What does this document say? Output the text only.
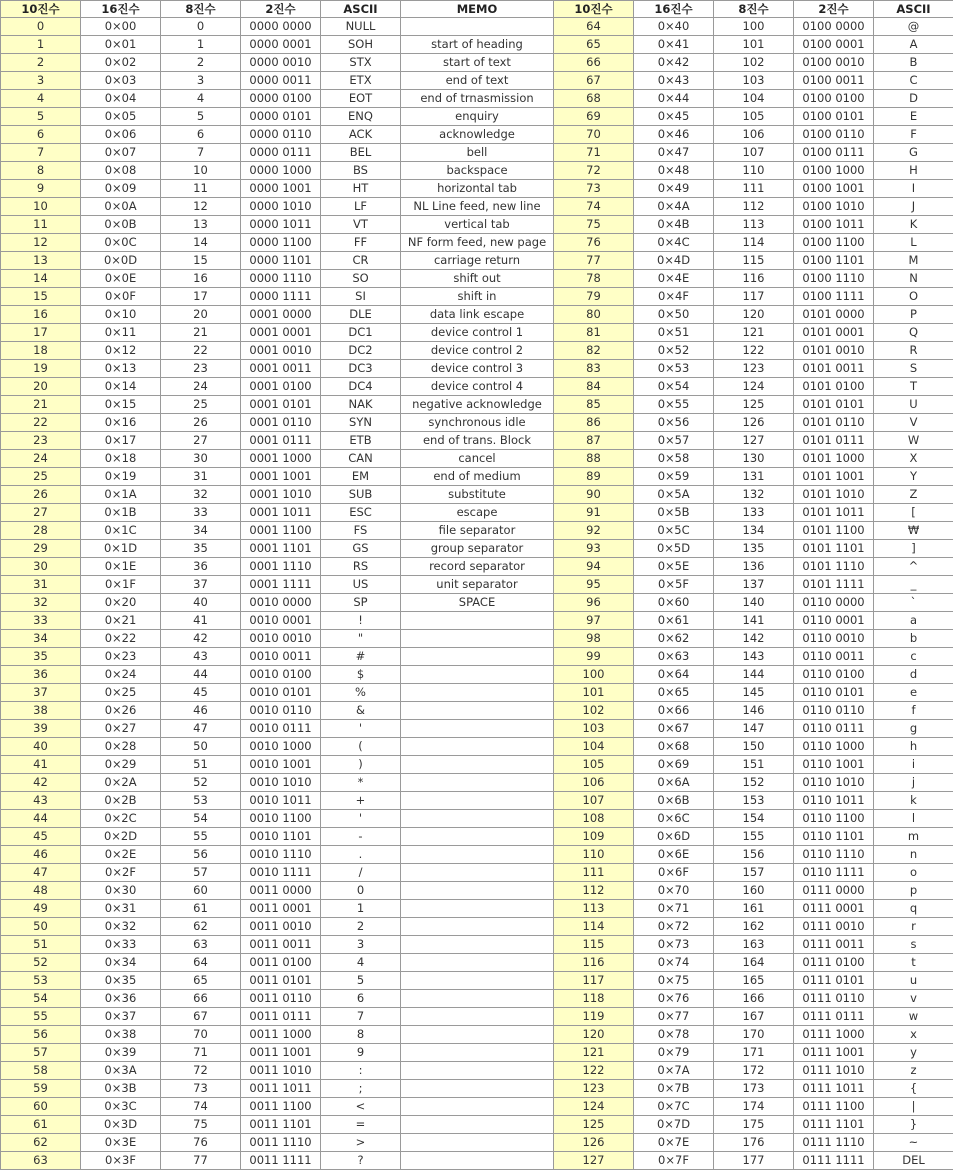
10진수	16진수	8진수	2진수	ASCII	MEMO	10진수	16진수	8진수	2진수	ASCII
0	0×00	0	0000 0000	NULL		64	0×40	100	0100 0000	@
1	0×01	1	0000 0001	SOH	start of heading	65	0×41	101	0100 0001	A
2	0×02	2	0000 0010	STX	start of text	66	0×42	102	0100 0010	B
3	0×03	3	0000 0011	ETX	end of text	67	0×43	103	0100 0011	C
4	0×04	4	0000 0100	EOT	end of trnasmission	68	0×44	104	0100 0100	D
5	0×05	5	0000 0101	ENQ	enquiry	69	0×45	105	0100 0101	E
6	0×06	6	0000 0110	ACK	acknowledge	70	0×46	106	0100 0110	F
7	0×07	7	0000 0111	BEL	bell	71	0×47	107	0100 0111	G
8	0×08	10	0000 1000	BS	backspace	72	0×48	110	0100 1000	H
9	0×09	11	0000 1001	HT	horizontal tab	73	0×49	111	0100 1001	I
10	0×0A	12	0000 1010	LF	NL Line feed, new line	74	0×4A	112	0100 1010	J
11	0×0B	13	0000 1011	VT	vertical tab	75	0×4B	113	0100 1011	K
12	0×0C	14	0000 1100	FF	NF form feed, new page	76	0×4C	114	0100 1100	L
13	0×0D	15	0000 1101	CR	carriage return	77	0×4D	115	0100 1101	M
14	0×0E	16	0000 1110	SO	shift out	78	0×4E	116	0100 1110	N
15	0×0F	17	0000 1111	SI	shift in	79	0×4F	117	0100 1111	O
16	0×10	20	0001 0000	DLE	data link escape	80	0×50	120	0101 0000	P
17	0×11	21	0001 0001	DC1	device control 1	81	0×51	121	0101 0001	Q
18	0×12	22	0001 0010	DC2	device control 2	82	0×52	122	0101 0010	R
19	0×13	23	0001 0011	DC3	device control 3	83	0×53	123	0101 0011	S
20	0×14	24	0001 0100	DC4	device control 4	84	0×54	124	0101 0100	T
21	0×15	25	0001 0101	NAK	negative acknowledge	85	0×55	125	0101 0101	U
22	0×16	26	0001 0110	SYN	synchronous idle	86	0×56	126	0101 0110	V
23	0×17	27	0001 0111	ETB	end of trans. Block	87	0×57	127	0101 0111	W
24	0×18	30	0001 1000	CAN	cancel	88	0×58	130	0101 1000	X
25	0×19	31	0001 1001	EM	end of medium	89	0×59	131	0101 1001	Y
26	0×1A	32	0001 1010	SUB	substitute	90	0×5A	132	0101 1010	Z
27	0×1B	33	0001 1011	ESC	escape	91	0×5B	133	0101 1011	[
28	0×1C	34	0001 1100	FS	file separator	92	0×5C	134	0101 1100	₩
29	0×1D	35	0001 1101	GS	group separator	93	0×5D	135	0101 1101	]
30	0×1E	36	0001 1110	RS	record separator	94	0×5E	136	0101 1110	^
31	0×1F	37	0001 1111	US	unit separator	95	0×5F	137	0101 1111	_
32	0×20	40	0010 0000	SP	SPACE	96	0×60	140	0110 0000	`
33	0×21	41	0010 0001	!		97	0×61	141	0110 0001	a
34	0×22	42	0010 0010	"		98	0×62	142	0110 0010	b
35	0×23	43	0010 0011	#		99	0×63	143	0110 0011	c
36	0×24	44	0010 0100	$		100	0×64	144	0110 0100	d
37	0×25	45	0010 0101	%		101	0×65	145	0110 0101	e
38	0×26	46	0010 0110	&		102	0×66	146	0110 0110	f
39	0×27	47	0010 0111	'		103	0×67	147	0110 0111	g
40	0×28	50	0010 1000	(		104	0×68	150	0110 1000	h
41	0×29	51	0010 1001	)		105	0×69	151	0110 1001	i
42	0×2A	52	0010 1010	*		106	0×6A	152	0110 1010	j
43	0×2B	53	0010 1011	+		107	0×6B	153	0110 1011	k
44	0×2C	54	0010 1100	'		108	0×6C	154	0110 1100	l
45	0×2D	55	0010 1101	-		109	0×6D	155	0110 1101	m
46	0×2E	56	0010 1110	.		110	0×6E	156	0110 1110	n
47	0×2F	57	0010 1111	/		111	0×6F	157	0110 1111	o
48	0×30	60	0011 0000	0		112	0×70	160	0111 0000	p
49	0×31	61	0011 0001	1		113	0×71	161	0111 0001	q
50	0×32	62	0011 0010	2		114	0×72	162	0111 0010	r
51	0×33	63	0011 0011	3		115	0×73	163	0111 0011	s
52	0×34	64	0011 0100	4		116	0×74	164	0111 0100	t
53	0×35	65	0011 0101	5		117	0×75	165	0111 0101	u
54	0×36	66	0011 0110	6		118	0×76	166	0111 0110	v
55	0×37	67	0011 0111	7		119	0×77	167	0111 0111	w
56	0×38	70	0011 1000	8		120	0×78	170	0111 1000	x
57	0×39	71	0011 1001	9		121	0×79	171	0111 1001	y
58	0×3A	72	0011 1010	:		122	0×7A	172	0111 1010	z
59	0×3B	73	0011 1011	;		123	0×7B	173	0111 1011	{
60	0×3C	74	0011 1100	<		124	0×7C	174	0111 1100	|
61	0×3D	75	0011 1101	=		125	0×7D	175	0111 1101	}
62	0×3E	76	0011 1110	>		126	0×7E	176	0111 1110	~
63	0×3F	77	0011 1111	?		127	0×7F	177	0111 1111	DEL
